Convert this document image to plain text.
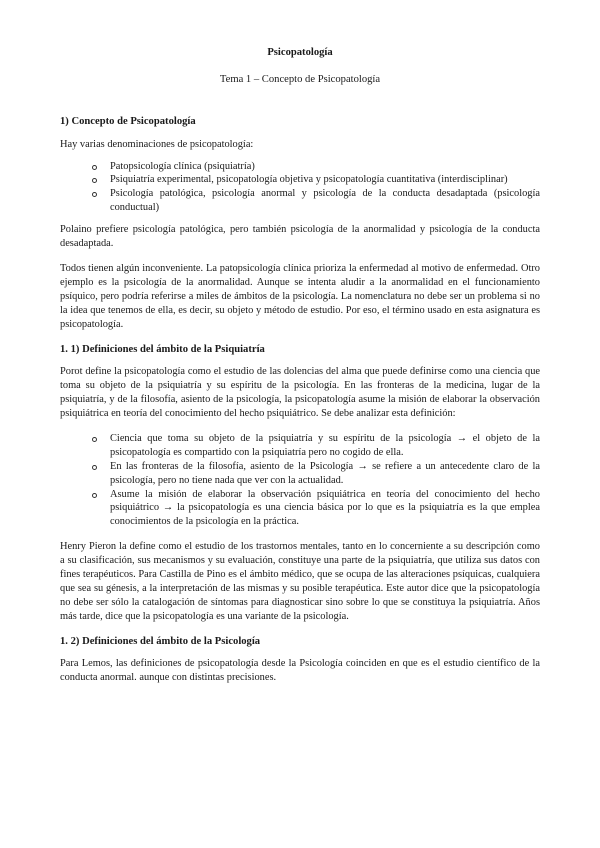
Psicopatología
Tema 1 – Concepto de Psicopatología
1) Concepto de Psicopatología

Hay varias denominaciones de psicopatología:

Patopsicología clínica (psiquiatría)
Psiquiatría experimental, psicopatología objetiva y psicopatología cuantitativa (interdisciplinar)
Psicología patológica, psicología anormal y psicología de la conducta desadaptada (psicología conductual)

Polaino prefiere psicología patológica, pero también psicología de la anormalidad y psicología de la conducta desadaptada.

Todos tienen algún inconveniente. La patopsicología clínica prioriza la enfermedad al motivo de enfermedad. Otro ejemplo es la psicología de la anormalidad. Aunque se intenta aludir a la anormalidad en el funcionamiento psíquico, pero podría referirse a miles de ámbitos de la psicología. La nomenclatura no debe ser un problema si no la idea que tenemos de ella, es decir, su objeto y método de estudio. Por eso, el término usado en esta asignatura es psicopatología.

1. 1) Definiciones del ámbito de la Psiquiatría

Porot define la psicopatología como el estudio de las dolencias del alma que puede definirse como una ciencia que toma su objeto de la psiquiatría y su espíritu de la psicología. En las fronteras de la medicina, lugar de la psiquiatría, y de la filosofía, asiento de la psicología, la psicopatología asume la misión de elaborar la observación psiquiátrica en teoría del conocimiento del hecho psiquiátrico. Se debe analizar esta definición:

Ciencia que toma su objeto de la psiquiatría y su espíritu de la psicología → el objeto de la psicopatología es compartido con la psiquiatría pero no cogido de ella.
En las fronteras de la filosofía, asiento de la Psicología → se refiere a un antecedente claro de la psicología, pero no tiene nada que ver con la actualidad.
Asume la misión de elaborar la observación psiquiátrica en teoría del conocimiento del hecho psiquiátrico → la psicopatología es una ciencia básica por lo que es la psiquiatría es la que emplea conocimientos de la psicología en la práctica.

Henry Pieron la define como el estudio de los trastornos mentales, tanto en lo concerniente a su descripción como a su clasificación, sus mecanismos y su evaluación, constituye una parte de la psiquiatría, que utiliza sus datos con fines terapéuticos. Para Castilla de Pino es el ámbito médico, que se ocupa de las alteraciones psíquicas, cualquiera que sea su génesis, a la interpretación de las mismas y su posible terapéutica. Este autor dice que la psicopatología no debe ser sólo la catalogación de síntomas para diagnosticar sino sobre lo que se constituya la psiquiatría. Años más tarde, dice que la psicopatología es una variante de la psicología.

1. 2) Definiciones del ámbito de la Psicología

Para Lemos, las definiciones de psicopatología desde la Psicología coinciden en que es el estudio científico de la conducta anormal. aunque con distintas precisiones.
